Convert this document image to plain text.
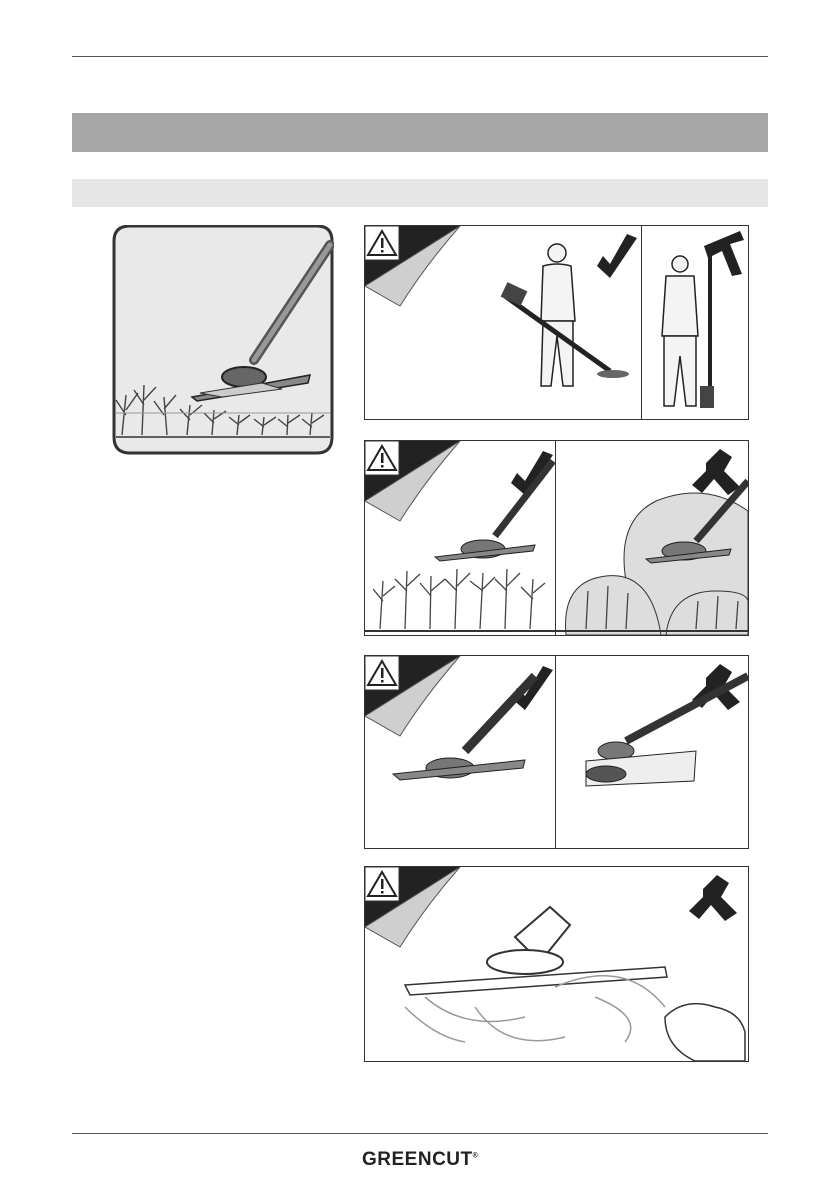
GREENCUT®
